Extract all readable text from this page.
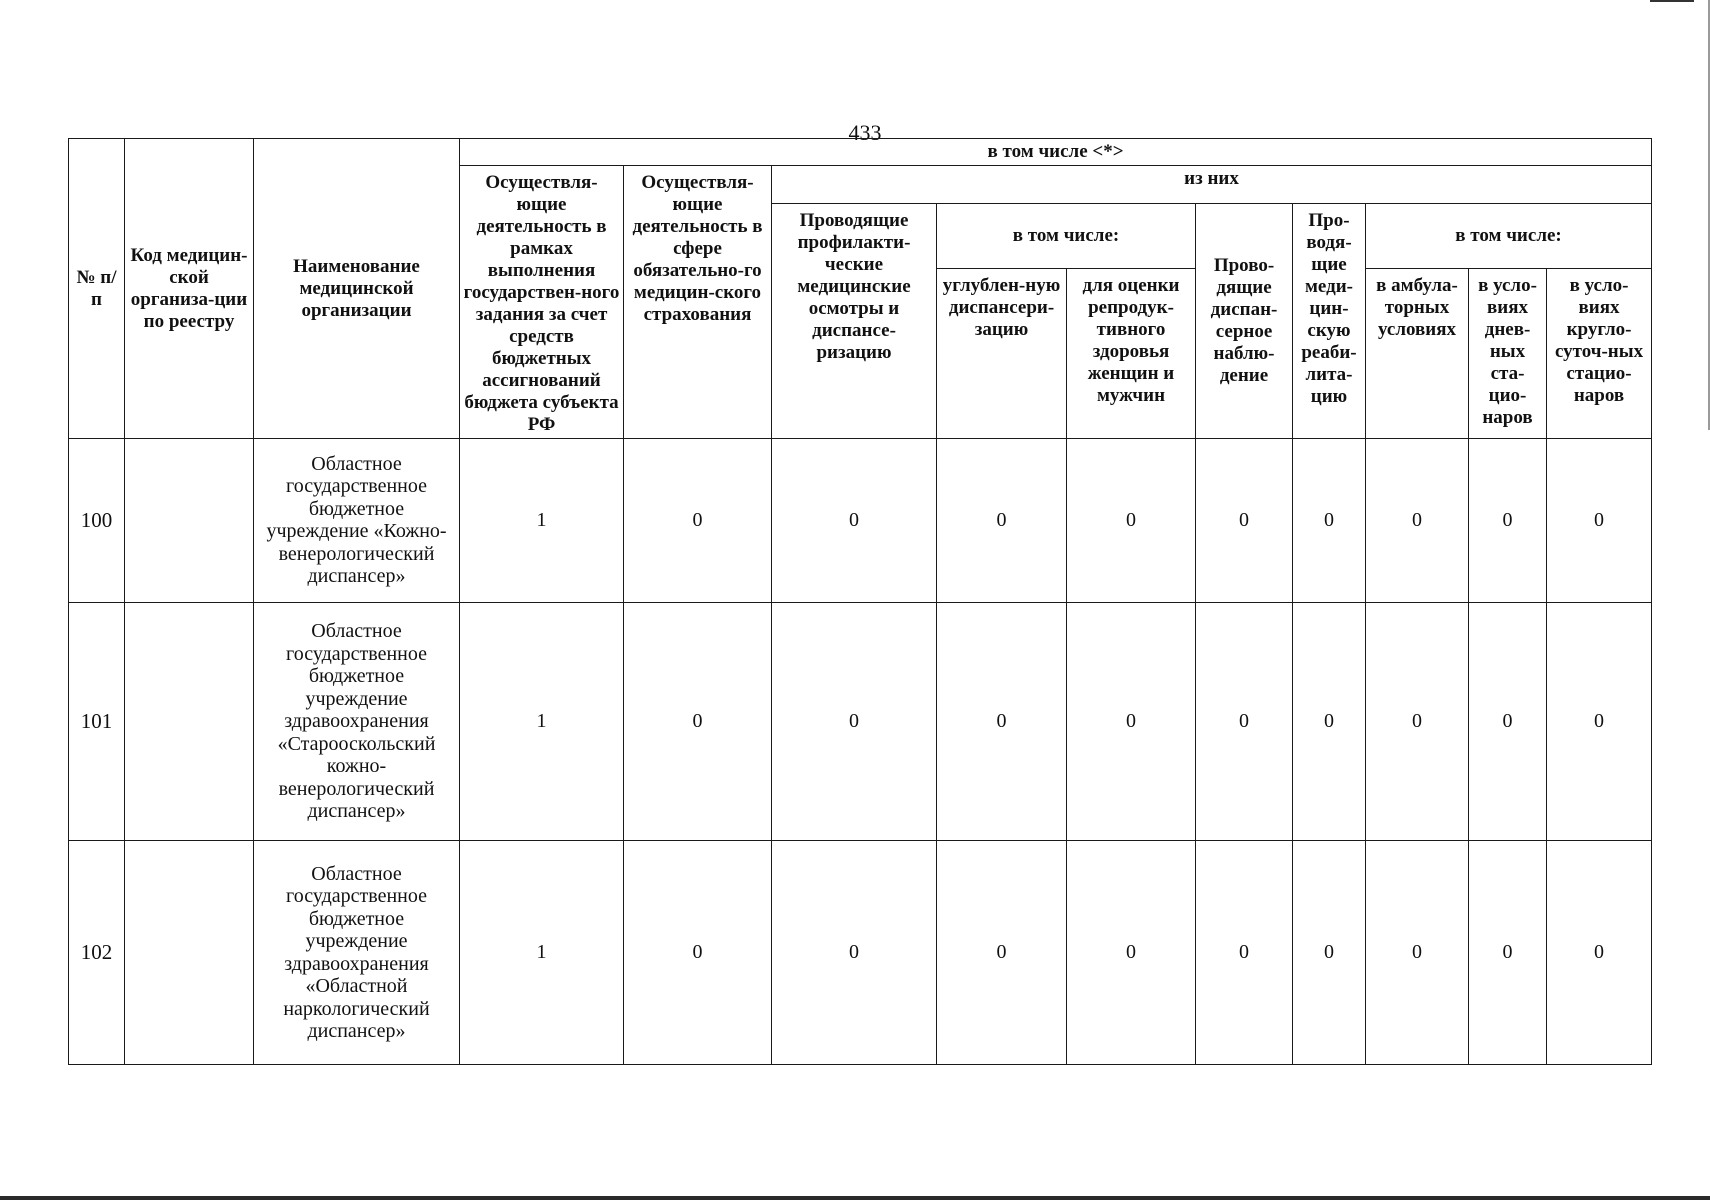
433
№ п/п	Код медицин-ской организа-ции по реестру	Наименование медицинской организации	в том числе <*>									
			Осуществля-ющие деятельность в рамках выполнения государствен-ного задания за счет средств бюджетных ассигнований бюджета субъекта РФ	Осуществля-ющие деятельность в сфере обязательно-го медицин-ского страхования	из них							
					Проводящие профилакти-ческие медицинские осмотры и диспансе-ризацию	в том числе:		Прово-дящие диспан-серное наблю-дение	Про-водя-щие меди-цин-скую реаби-лита-цию	в том числе:		
						углублен-ную диспансери-зацию	для оценки репродук-тивного здоровья женщин и мужчин			в амбула-торных условиях	в усло-виях днев-ных ста-цио-наров	в усло-виях кругло-суточ-ных стацио-наров
100		Областное государственное бюджетное учреждение «Кожно-венерологический диспансер»	1	0	0	0	0	0	0	0	0	0
101		Областное государственное бюджетное учреждение здравоохранения «Старооскольский кожно-венерологический диспансер»	1	0	0	0	0	0	0	0	0	0
102		Областное государственное бюджетное учреждение здравоохранения «Областной наркологический диспансер»	1	0	0	0	0	0	0	0	0	0
